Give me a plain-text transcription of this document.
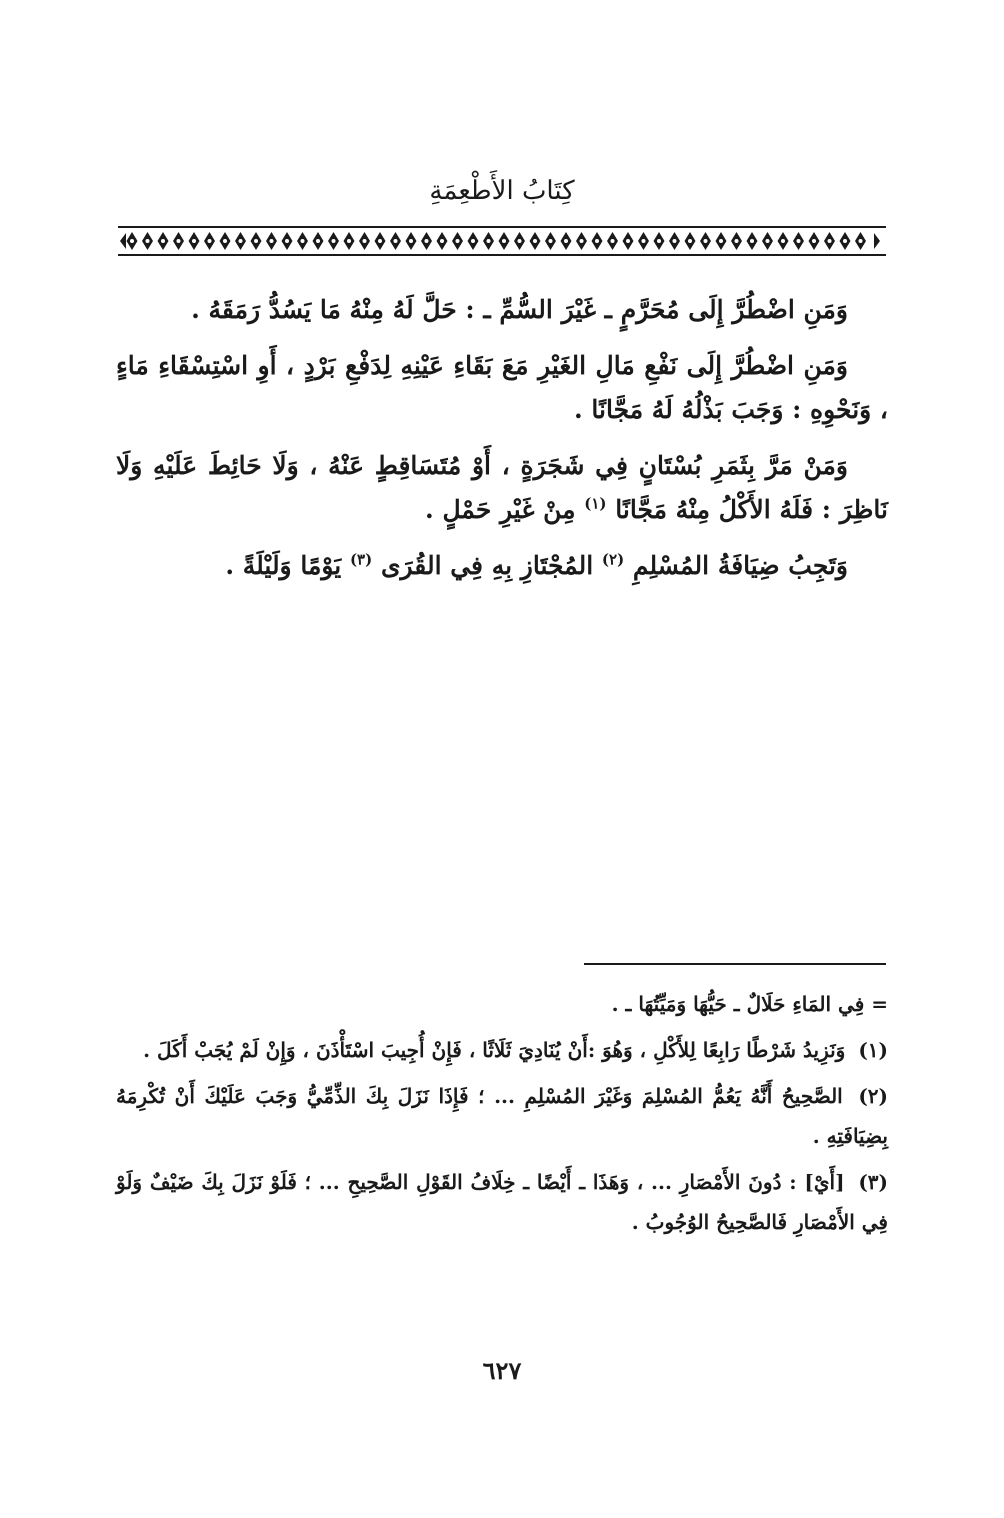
كِتَابُ الأَطْعِمَةِ

وَمَنِ اضْطُرَّ إِلَى مُحَرَّمٍ ـ غَيْرَ السُّمِّ ـ : حَلَّ لَهُ مِنْهُ مَا يَسُدُّ رَمَقَهُ .

وَمَنِ اضْطُرَّ إِلَى نَفْعِ مَالِ الغَيْرِ مَعَ بَقَاءِ عَيْنِهِ لِدَفْعِ بَرْدٍ ، أَوِ اسْتِسْقَاءِ مَاءٍ ، وَنَحْوِهِ : وَجَبَ بَذْلُهُ لَهُ مَجَّانًا .

وَمَنْ مَرَّ بِثَمَرِ بُسْتَانٍ فِي شَجَرَةٍ ، أَوْ مُتَسَاقِطٍ عَنْهُ ، وَلَا حَائِطَ عَلَيْهِ وَلَا نَاظِرَ : فَلَهُ الأَكْلُ مِنْهُ مَجَّانًا $^{(١)}$ مِنْ غَيْرِ حَمْلٍ .

وَتَجِبُ ضِيَافَةُ المُسْلِمِ $^{(٢)}$ المُجْتَازِ بِهِ فِي القُرَى $^{(٣)}$ يَوْمًا وَلَيْلَةً .

= فِي المَاءِ حَلَالٌ ـ حَيُّهَا وَمَيِّتُهَا ـ .

(١) وَنَزِيدُ شَرْطًا رَابِعًا لِلأَكْلِ ، وَهُوَ :أَنْ يُنَادِيَ ثَلَاثًا ، فَإِنْ أُجِيبَ اسْتَأْذَنَ ، وَإِنْ لَمْ يُجَبْ أَكَلَ .

(٢) الصَّحِيحُ أَنَّهُ يَعُمُّ المُسْلِمَ وَغَيْرَ المُسْلِمِ ... ؛ فَإِذَا نَزَلَ بِكَ الذِّمِّيُّ وَجَبَ عَلَيْكَ أَنْ تُكْرِمَهُ بِضِيَافَتِهِ .

(٣) [أَيْ] : دُونَ الأَمْصَارِ ... ، وَهَذَا ـ أَيْضًا ـ خِلَافُ القَوْلِ الصَّحِيحِ ... ؛ فَلَوْ نَزَلَ بِكَ ضَيْفٌ وَلَوْ فِي الأَمْصَارِ فَالصَّحِيحُ الوُجُوبُ .

٦٢٧
